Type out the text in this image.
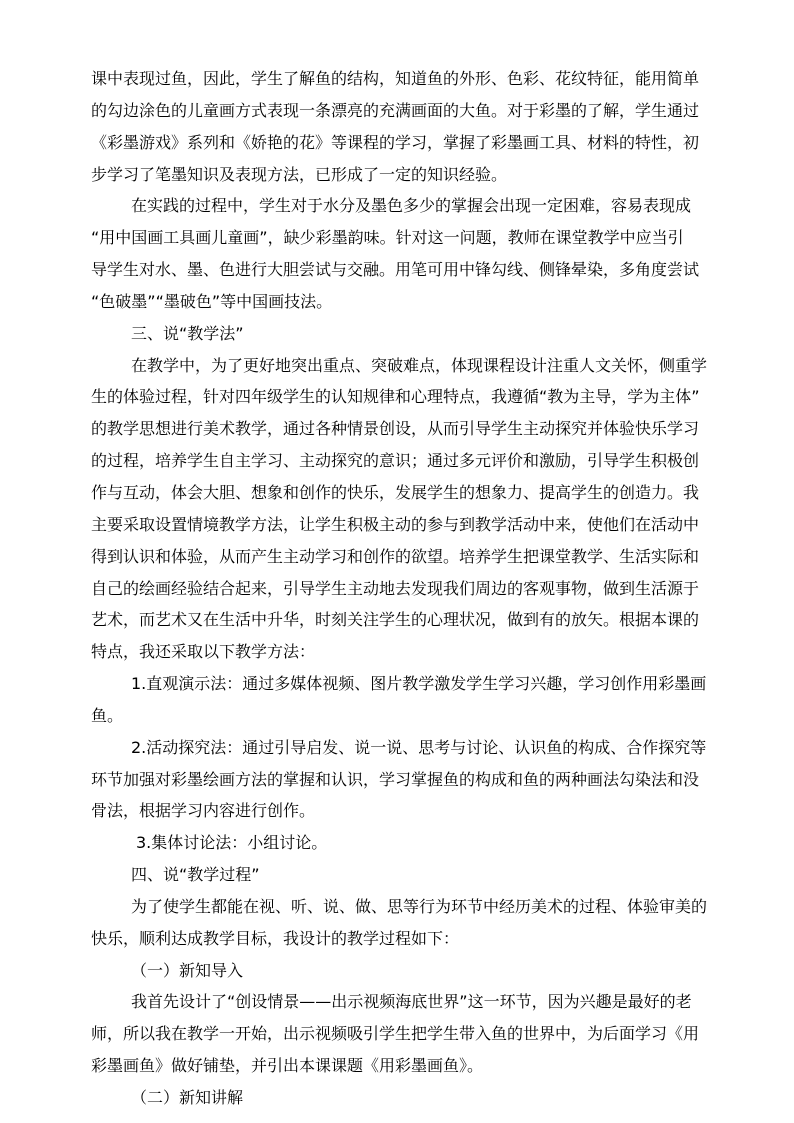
课中表现过鱼，因此，学生了解鱼的结构，知道鱼的外形、色彩、花纹特征，能用简单

的勾边涂色的儿童画方式表现一条漂亮的充满画面的大鱼。对于彩墨的了解，学生通过

《彩墨游戏》系列和《娇艳的花》等课程的学习，掌握了彩墨画工具、材料的特性，初

步学习了笔墨知识及表现方法，已形成了一定的知识经验。

在实践的过程中，学生对于水分及墨色多少的掌握会出现一定困难，容易表现成

“用中国画工具画儿童画”，缺少彩墨韵味。针对这一问题，教师在课堂教学中应当引

导学生对水、墨、色进行大胆尝试与交融。用笔可用中锋勾线、侧锋晕染，多角度尝试

“色破墨”“墨破色”等中国画技法。

三、说“教学法”

在教学中，为了更好地突出重点、突破难点，体现课程设计注重人文关怀，侧重学

生的体验过程，针对四年级学生的认知规律和心理特点，我遵循“教为主导，学为主体”

的教学思想进行美术教学，通过各种情景创设，从而引导学生主动探究并体验快乐学习

的过程，培养学生自主学习、主动探究的意识；通过多元评价和激励，引导学生积极创

作与互动，体会大胆、想象和创作的快乐，发展学生的想象力、提高学生的创造力。我

主要采取设置情境教学方法，让学生积极主动的参与到教学活动中来，使他们在活动中

得到认识和体验，从而产生主动学习和创作的欲望。培养学生把课堂教学、生活实际和

自己的绘画经验结合起来，引导学生主动地去发现我们周边的客观事物，做到生活源于

艺术，而艺术又在生活中升华，时刻关注学生的心理状况，做到有的放矢。根据本课的

特点，我还采取以下教学方法：

1.直观演示法：通过多媒体视频、图片教学激发学生学习兴趣，学习创作用彩墨画

鱼。

2.活动探究法：通过引导启发、说一说、思考与讨论、认识鱼的构成、合作探究等

环节加强对彩墨绘画方法的掌握和认识，学习掌握鱼的构成和鱼的两种画法勾染法和没

骨法，根据学习内容进行创作。

3.集体讨论法：小组讨论。

四、说“教学过程”

为了使学生都能在视、听、说、做、思等行为环节中经历美术的过程、体验审美的

快乐，顺利达成教学目标，我设计的教学过程如下：

（一）新知导入

我首先设计了“创设情景——出示视频海底世界”这一环节，因为兴趣是最好的老

师，所以我在教学一开始，出示视频吸引学生把学生带入鱼的世界中，为后面学习《用

彩墨画鱼》做好铺垫，并引出本课课题《用彩墨画鱼》。

（二）新知讲解
